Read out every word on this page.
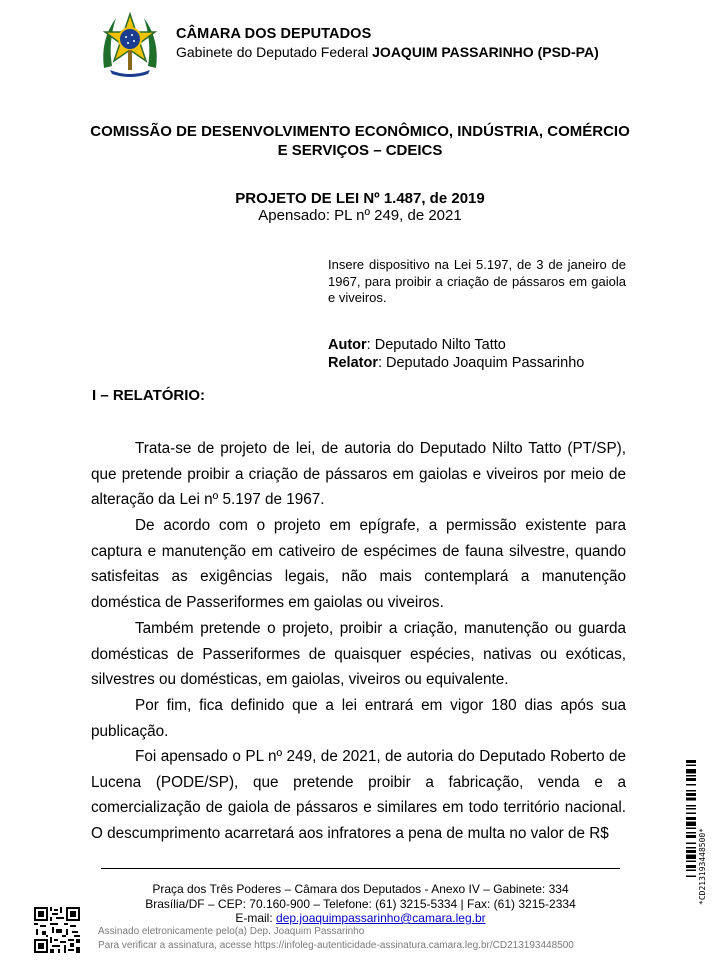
CÂMARA DOS DEPUTADOS
Gabinete do Deputado Federal JOAQUIM PASSARINHO (PSD-PA)
COMISSÃO DE DESENVOLVIMENTO ECONÔMICO, INDÚSTRIA, COMÉRCIO
E SERVIÇOS – CDEICS
PROJETO DE LEI Nº 1.487, de 2019
Apensado: PL nº 249, de 2021
Insere dispositivo na Lei 5.197, de 3 de janeiro de 1967, para proibir a criação de pássaros em gaiola e viveiros.
Autor: Deputado Nilto Tatto
Relator: Deputado Joaquim Passarinho
I – RELATÓRIO:

Trata-se de projeto de lei, de autoria do Deputado Nilto Tatto (PT/SP), que pretende proibir a criação de pássaros em gaiolas e viveiros por meio de alteração da Lei nº 5.197 de 1967.

De acordo com o projeto em epígrafe, a permissão existente para captura e manutenção em cativeiro de espécimes de fauna silvestre, quando satisfeitas as exigências legais, não mais contemplará a manutenção doméstica de Passeriformes em gaiolas ou viveiros.

Também pretende o projeto, proibir a criação, manutenção ou guarda domésticas de Passeriformes de quaisquer espécies, nativas ou exóticas, silvestres ou domésticas, em gaiolas, viveiros ou equivalente.

Por fim, fica definido que a lei entrará em vigor 180 dias após sua publicação.

Foi apensado o PL nº 249, de 2021, de autoria do Deputado Roberto de Lucena (PODE/SP), que pretende proibir a fabricação, venda e a comercialização de gaiola de pássaros e similares em todo território nacional. O descumprimento acarretará aos infratores a pena de multa no valor de R$

Praça dos Três Poderes – Câmara dos Deputados - Anexo IV – Gabinete: 334
Brasília/DF – CEP: 70.160-900 – Telefone: (61) 3215-5334 | Fax: (61) 3215-2334
E-mail: dep.joaquimpassarinho@camara.leg.br
Assinado eletronicamente pelo(a) Dep. Joaquim Passarinho
Para verificar a assinatura, acesse https://infoleg-autenticidade-assinatura.camara.leg.br/CD213193448500
*CD213193448500*
